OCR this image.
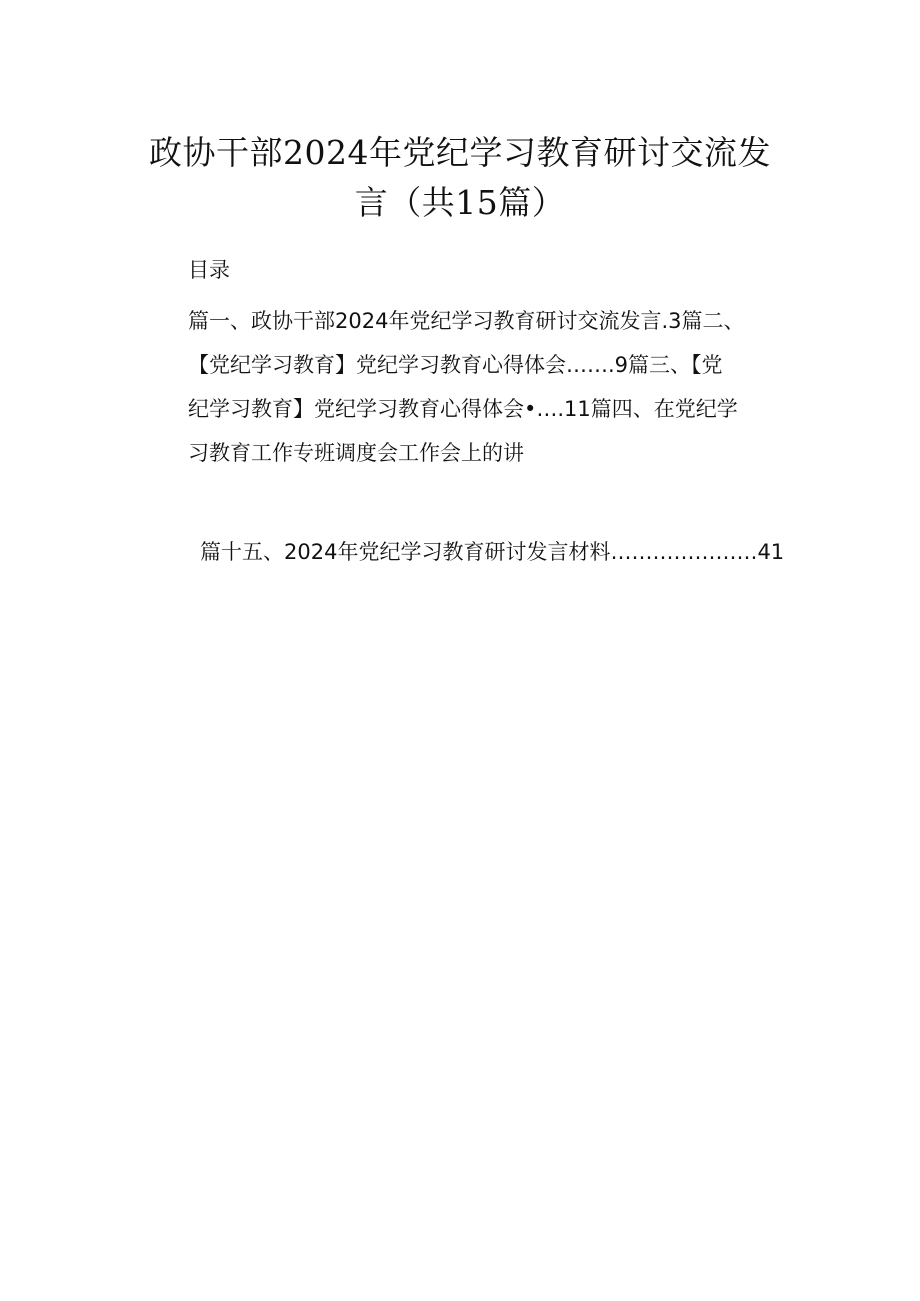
政协干部2024年党纪学习教育研讨交流发
言（共15篇）

目录

篇一、政协干部2024年党纪学习教育研讨交流发言.3篇二、
【党纪学习教育】党纪学习教育心得体会…….9篇三、【党
纪学习教育】党纪学习教育心得体会•….11篇四、在党纪学
习教育工作专班调度会工作会上的讲

篇十五、2024年党纪学习教育研讨发言材料…………………41
